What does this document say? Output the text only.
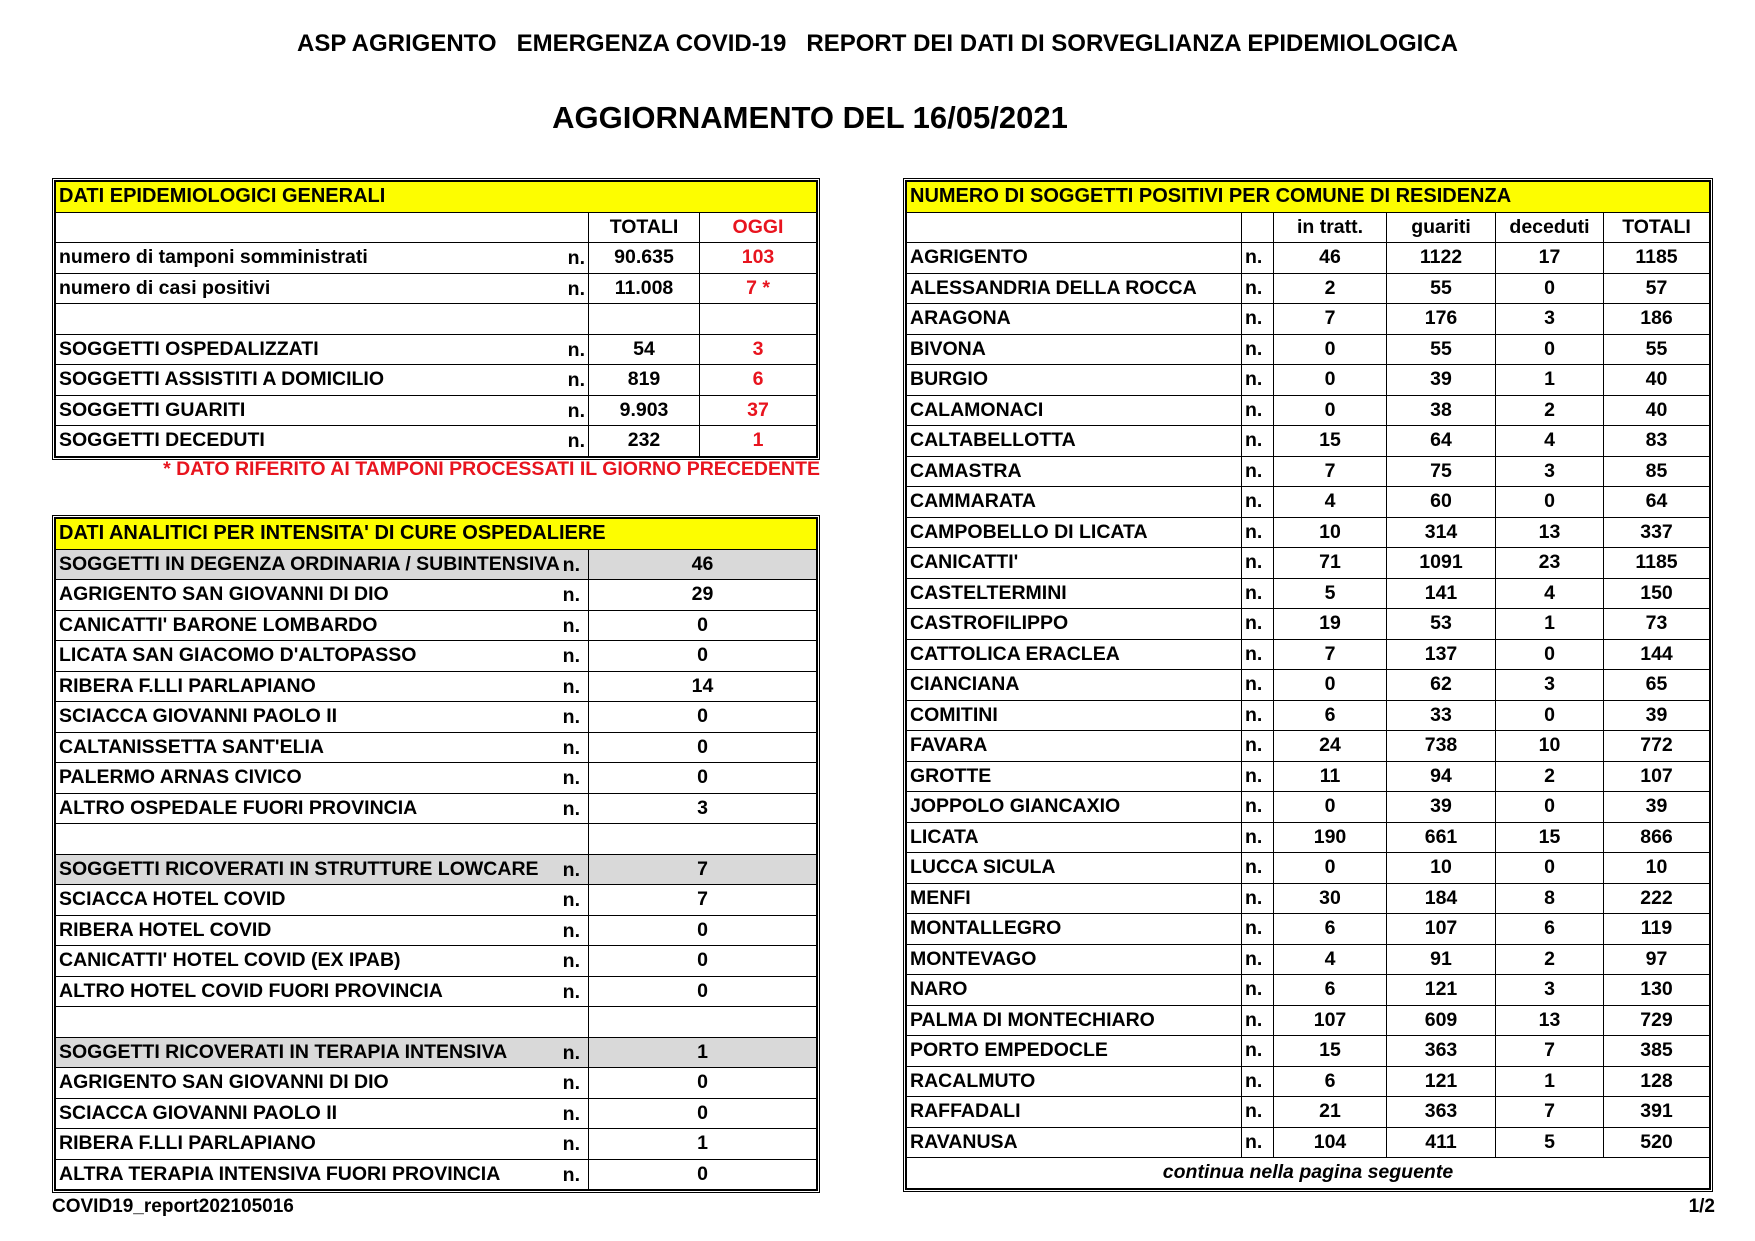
ASP AGRIGENTO   EMERGENZA COVID-19   REPORT DEI DATI DI SORVEGLIANZA EPIDEMIOLOGICA
AGGIORNAMENTO DEL 16/05/2021
DATI EPIDEMIOLOGICI GENERALI		
	TOTALI	OGGI
numero di tamponi somministrati n.	90.635	103
numero di casi positivi n.	11.008	7 *

SOGGETTI OSPEDALIZZATI n.	54	3
SOGGETTI ASSISTITI A DOMICILIO n.	819	6
SOGGETTI GUARITI n.	9.903	37
SOGGETTI DECEDUTI n.	232	1
* DATO RIFERITO AI TAMPONI PROCESSATI IL GIORNO PRECEDENTE
DATI ANALITICI PER INTENSITA' DI CURE OSPEDALIERE	
SOGGETTI IN DEGENZA ORDINARIA / SUBINTENSIVA n.	46
AGRIGENTO SAN GIOVANNI DI DIO n.	29
CANICATTI' BARONE LOMBARDO n.	0
LICATA SAN GIACOMO D'ALTOPASSO n.	0
RIBERA F.LLI PARLAPIANO n.	14
SCIACCA GIOVANNI PAOLO II n.	0
CALTANISSETTA SANT'ELIA n.	0
PALERMO ARNAS CIVICO n.	0
ALTRO OSPEDALE FUORI PROVINCIA n.	3

SOGGETTI RICOVERATI IN STRUTTURE LOWCARE n.	7
SCIACCA HOTEL COVID n.	7
RIBERA HOTEL COVID n.	0
CANICATTI' HOTEL COVID (EX IPAB) n.	0
ALTRO HOTEL COVID FUORI PROVINCIA n.	0

SOGGETTI RICOVERATI IN TERAPIA INTENSIVA n.	1
AGRIGENTO SAN GIOVANNI DI DIO n.	0
SCIACCA GIOVANNI PAOLO II n.	0
RIBERA F.LLI PARLAPIANO n.	1
ALTRA TERAPIA INTENSIVA FUORI PROVINCIA n.	0
NUMERO DI SOGGETTI POSITIVI PER COMUNE DI RESIDENZA					
		in tratt.	guariti	deceduti	TOTALI
AGRIGENTO	n.	46	1122	17	1185
ALESSANDRIA DELLA ROCCA	n.	2	55	0	57
ARAGONA	n.	7	176	3	186
BIVONA	n.	0	55	0	55
BURGIO	n.	0	39	1	40
CALAMONACI	n.	0	38	2	40
CALTABELLOTTA	n.	15	64	4	83
CAMASTRA	n.	7	75	3	85
CAMMARATA	n.	4	60	0	64
CAMPOBELLO DI LICATA	n.	10	314	13	337
CANICATTI'	n.	71	1091	23	1185
CASTELTERMINI	n.	5	141	4	150
CASTROFILIPPO	n.	19	53	1	73
CATTOLICA ERACLEA	n.	7	137	0	144
CIANCIANA	n.	0	62	3	65
COMITINI	n.	6	33	0	39
FAVARA	n.	24	738	10	772
GROTTE	n.	11	94	2	107
JOPPOLO GIANCAXIO	n.	0	39	0	39
LICATA	n.	190	661	15	866
LUCCA SICULA	n.	0	10	0	10
MENFI	n.	30	184	8	222
MONTALLEGRO	n.	6	107	6	119
MONTEVAGO	n.	4	91	2	97
NARO	n.	6	121	3	130
PALMA DI MONTECHIARO	n.	107	609	13	729
PORTO EMPEDOCLE	n.	15	363	7	385
RACALMUTO	n.	6	121	1	128
RAFFADALI	n.	21	363	7	391
RAVANUSA	n.	104	411	5	520
continua nella pagina seguente					
COVID19_report202105016	1/2
